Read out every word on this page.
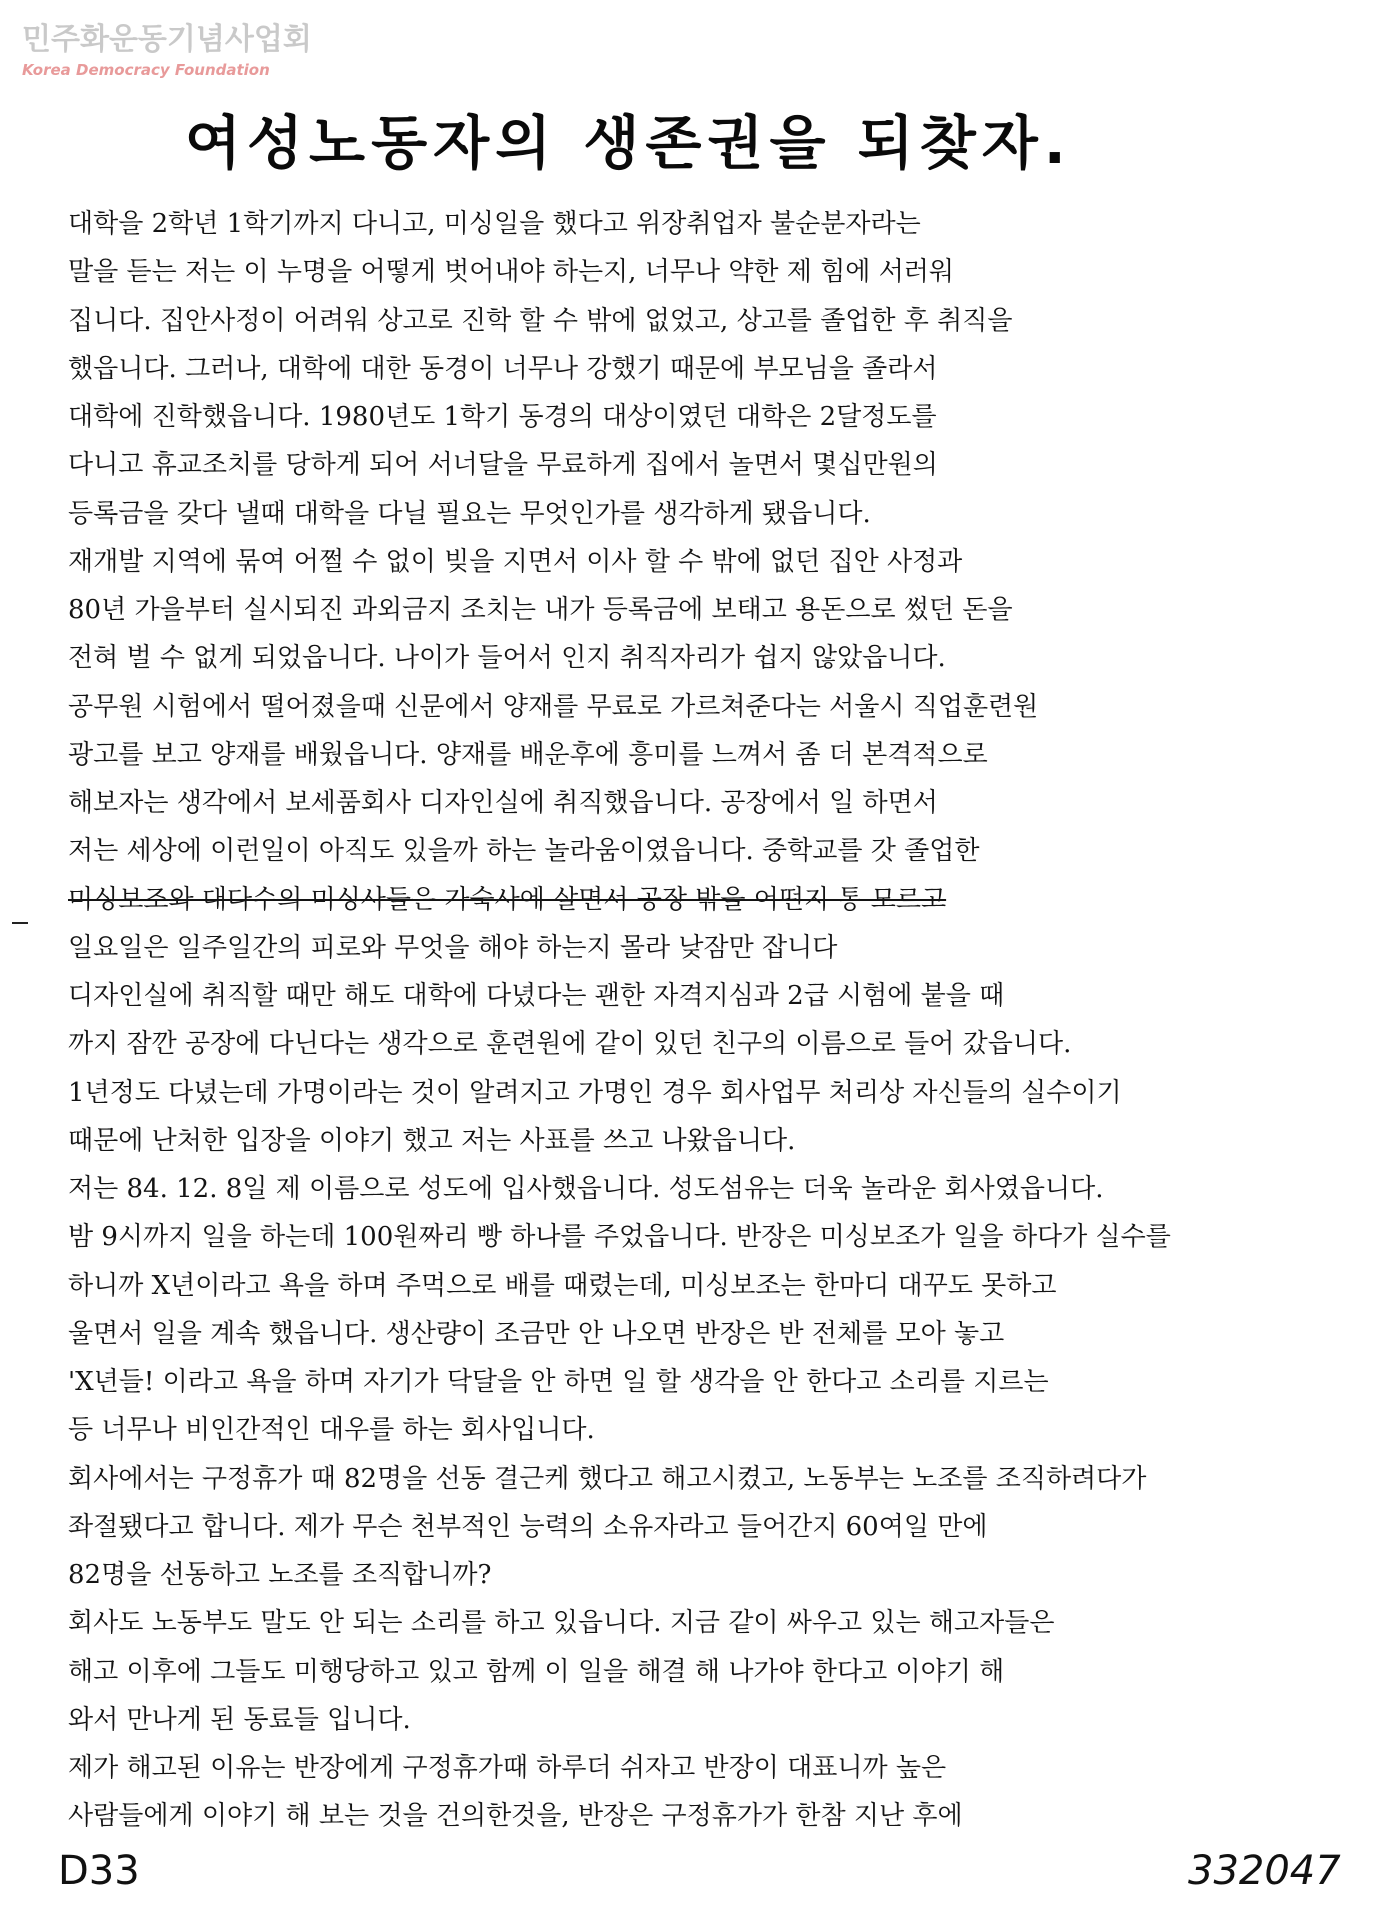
민주화운동기념사업회
Korea Democracy Foundation
여성노동자의 생존권을 되찾자.
대학을 2학년 1학기까지 다니고, 미싱일을 했다고 위장취업자 불순분자라는
말을 듣는 저는 이 누명을 어떻게 벗어내야 하는지, 너무나 약한 제 힘에 서러워
집니다. 집안사정이 어려워 상고로 진학 할 수 밖에 없었고, 상고를 졸업한 후 취직을
했읍니다. 그러나, 대학에 대한 동경이 너무나 강했기 때문에 부모님을 졸라서
대학에 진학했읍니다. 1980년도 1학기 동경의 대상이였던 대학은 2달정도를
다니고 휴교조치를 당하게 되어 서너달을 무료하게 집에서 놀면서 몇십만원의
등록금을 갖다 낼때 대학을 다닐 필요는 무엇인가를 생각하게 됐읍니다.
재개발 지역에 묶여 어쩔 수 없이 빚을 지면서 이사 할 수 밖에 없던 집안 사정과
80년 가을부터 실시되진 과외금지 조치는 내가 등록금에 보태고 용돈으로 썼던 돈을
전혀 벌 수 없게 되었읍니다. 나이가 들어서 인지 취직자리가 쉽지 않았읍니다.
공무원 시험에서 떨어졌을때 신문에서 양재를 무료로 가르쳐준다는 서울시 직업훈련원
광고를 보고 양재를 배웠읍니다. 양재를 배운후에 흥미를 느껴서 좀 더 본격적으로
해보자는 생각에서 보세품회사 디자인실에 취직했읍니다. 공장에서 일 하면서
저는 세상에 이런일이 아직도 있을까 하는 놀라움이였읍니다. 중학교를 갓 졸업한
미싱보조와 대다수의 미싱사들은 가숙사에 살면서 공장 밖을 어떤지 통 모르고
일요일은 일주일간의 피로와 무엇을 해야 하는지 몰라 낮잠만 잡니다
디자인실에 취직할 때만 해도 대학에 다녔다는 괜한 자격지심과 2급 시험에 붙을 때
까지 잠깐 공장에 다닌다는 생각으로 훈련원에 같이 있던 친구의 이름으로 들어 갔읍니다.
1년정도 다녔는데 가명이라는 것이 알려지고 가명인 경우 회사업무 처리상 자신들의 실수이기
때문에 난처한 입장을 이야기 했고 저는 사표를 쓰고 나왔읍니다.
저는 84. 12. 8일 제 이름으로 성도에 입사했읍니다. 성도섬유는 더욱 놀라운 회사였읍니다.
밤 9시까지 일을 하는데 100원짜리 빵 하나를 주었읍니다. 반장은 미싱보조가 일을 하다가 실수를
하니까 X년이라고 욕을 하며 주먹으로 배를 때렸는데, 미싱보조는 한마디 대꾸도 못하고
울면서 일을 계속 했읍니다. 생산량이 조금만 안 나오면 반장은 반 전체를 모아 놓고
'X년들! 이라고 욕을 하며 자기가 닥달을 안 하면 일 할 생각을 안 한다고 소리를 지르는
등 너무나 비인간적인 대우를 하는 회사입니다.
회사에서는 구정휴가 때 82명을 선동 결근케 했다고 해고시켰고, 노동부는 노조를 조직하려다가
좌절됐다고 합니다. 제가 무슨 천부적인 능력의 소유자라고 들어간지 60여일 만에
82명을 선동하고 노조를 조직합니까?
회사도 노동부도 말도 안 되는 소리를 하고 있읍니다. 지금 같이 싸우고 있는 해고자들은
해고 이후에 그들도 미행당하고 있고 함께 이 일을 해결 해 나가야 한다고 이야기 해
와서 만나게 된 동료들 입니다.
제가 해고된 이유는 반장에게 구정휴가때 하루더 쉬자고 반장이 대표니까 높은
사람들에게 이야기 해 보는 것을 건의한것을, 반장은 구정휴가가 한참 지난 후에
D33	332047
